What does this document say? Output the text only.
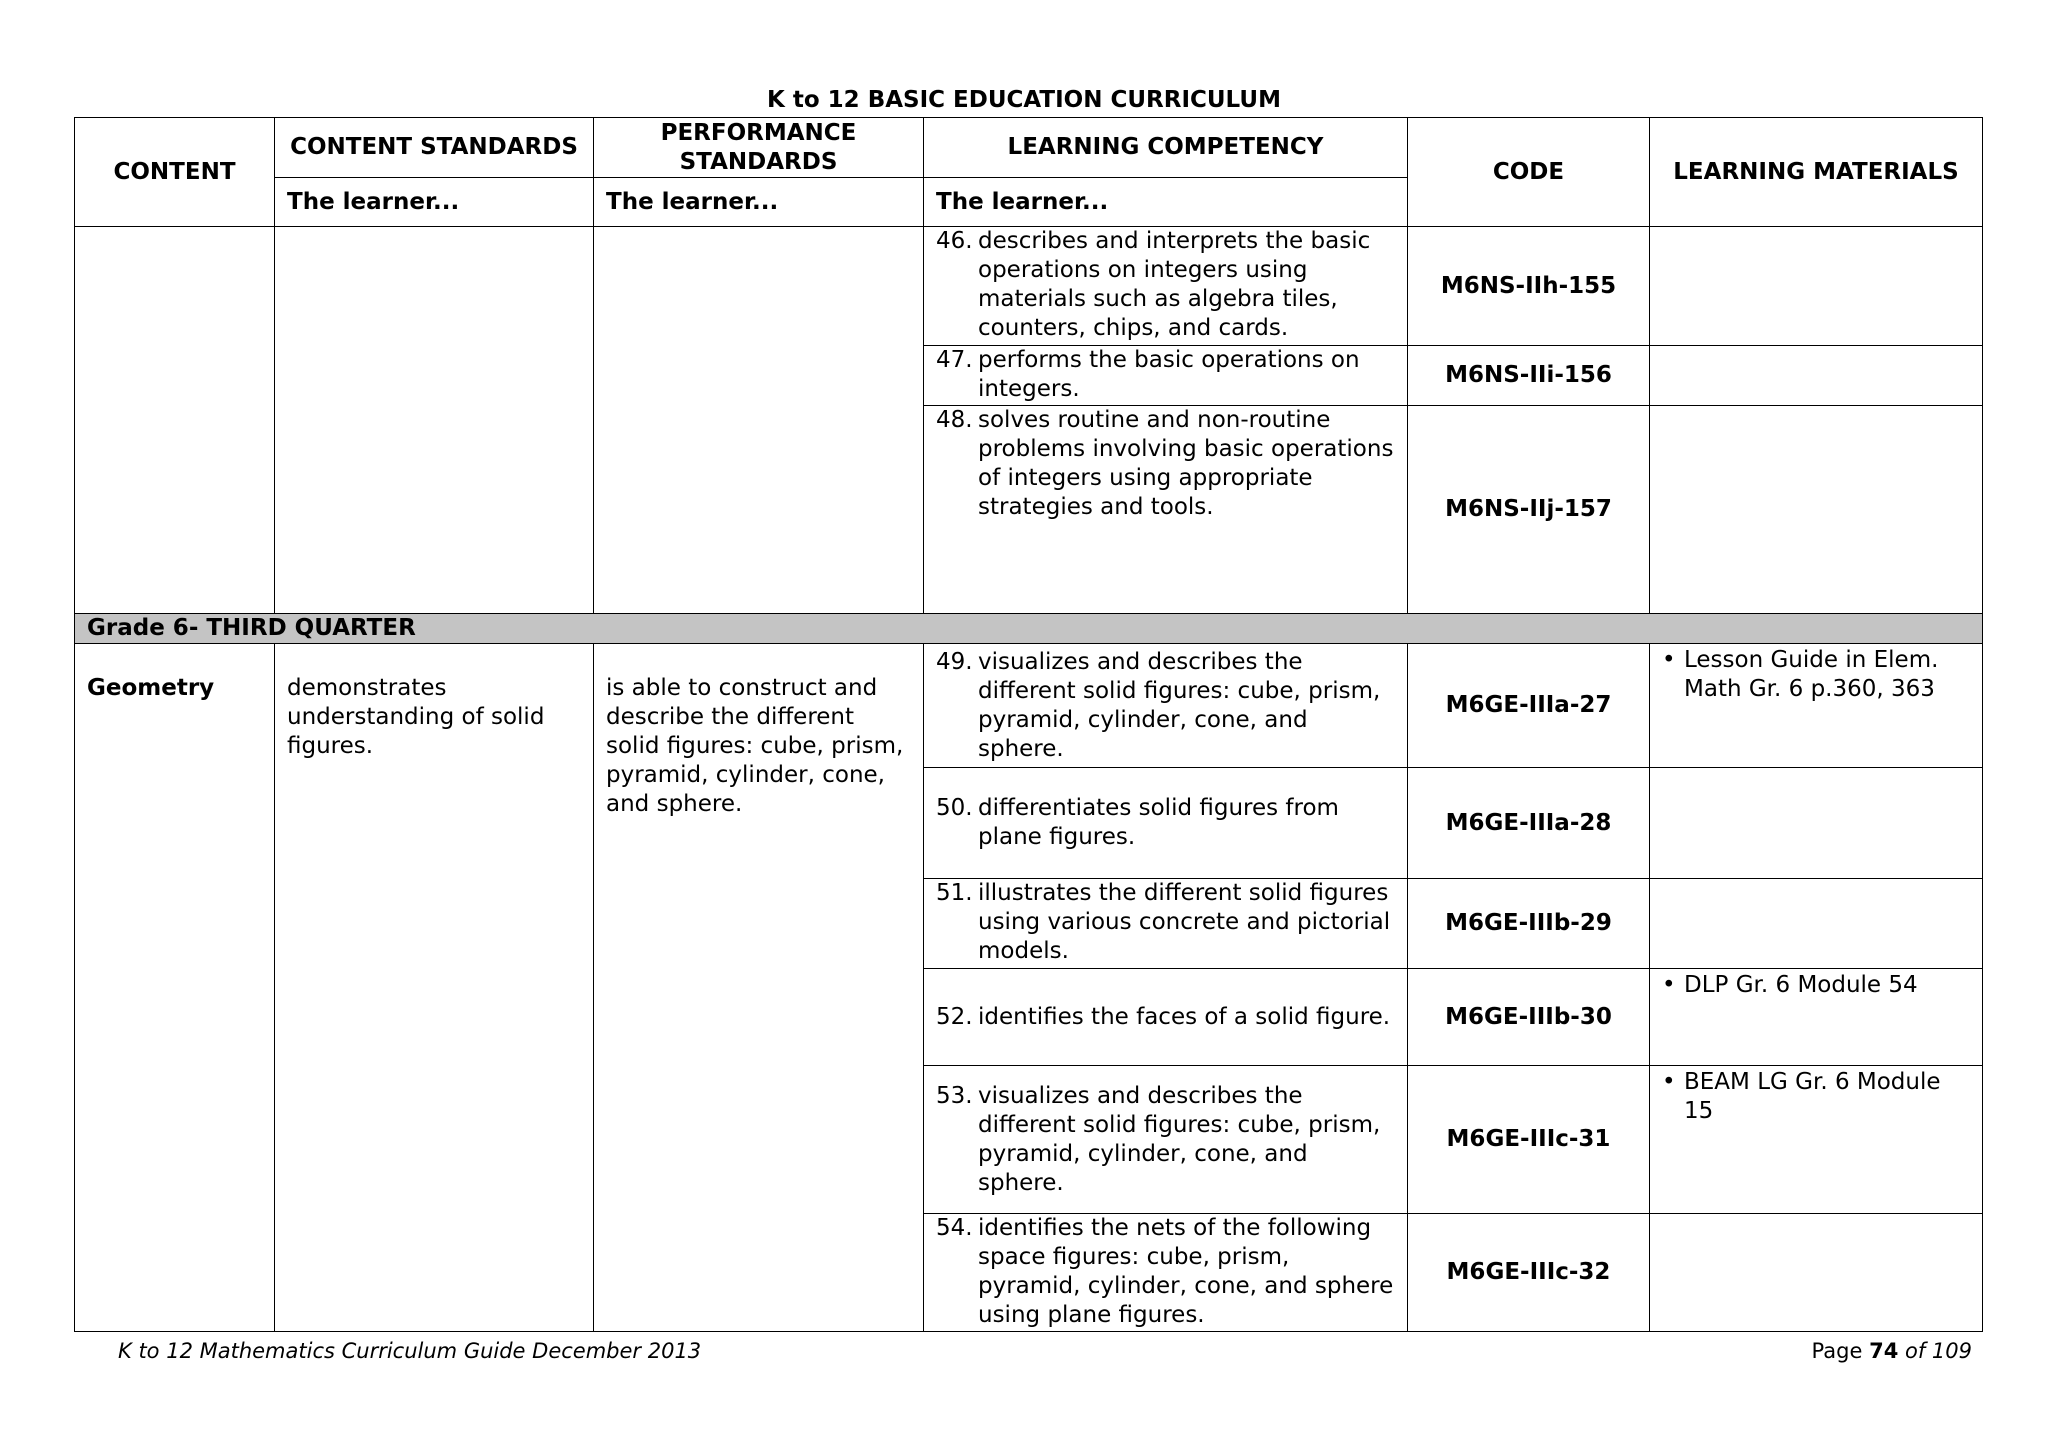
K to 12 BASIC EDUCATION CURRICULUM
CONTENT	CONTENT STANDARDS	PERFORMANCE STANDARDS	LEARNING COMPETENCY	CODE	LEARNING MATERIALS
	The learner...	The learner...	The learner...		

			46. describes and interprets the basic operations on integers using materials such as algebra tiles, counters, chips, and cards.	M6NS-IIh-155	

			47. performs the basic operations on integers.	M6NS-IIi-156	

			48. solves routine and non-routine problems involving basic operations of integers using appropriate strategies and tools.	M6NS-IIj-157	
Grade 6- THIRD QUARTER					
Geometry	demonstrates understanding of solid figures.	is able to construct and describe the different solid figures: cube, prism, pyramid, cylinder, cone, and sphere.	49. visualizes and describes the different solid figures: cube, prism, pyramid, cylinder, cone, and sphere.	M6GE-IIIa-27	• Lesson Guide in Elem. Math Gr. 6 p.360, 363

			50. differentiates solid figures from plane figures.	M6GE-IIIa-28	

			51. illustrates the different solid figures using various concrete and pictorial models.	M6GE-IIIb-29	

			52. identifies the faces of a solid figure.	M6GE-IIIb-30	• DLP Gr. 6 Module 54

			53. visualizes and describes the different solid figures: cube, prism, pyramid, cylinder, cone, and sphere.	M6GE-IIIc-31	• BEAM LG Gr. 6 Module 15

			54. identifies the nets of the following space figures: cube, prism, pyramid, cylinder, cone, and sphere using plane figures.	M6GE-IIIc-32	
K to 12 Mathematics Curriculum Guide December 2013	Page 74 of 109
